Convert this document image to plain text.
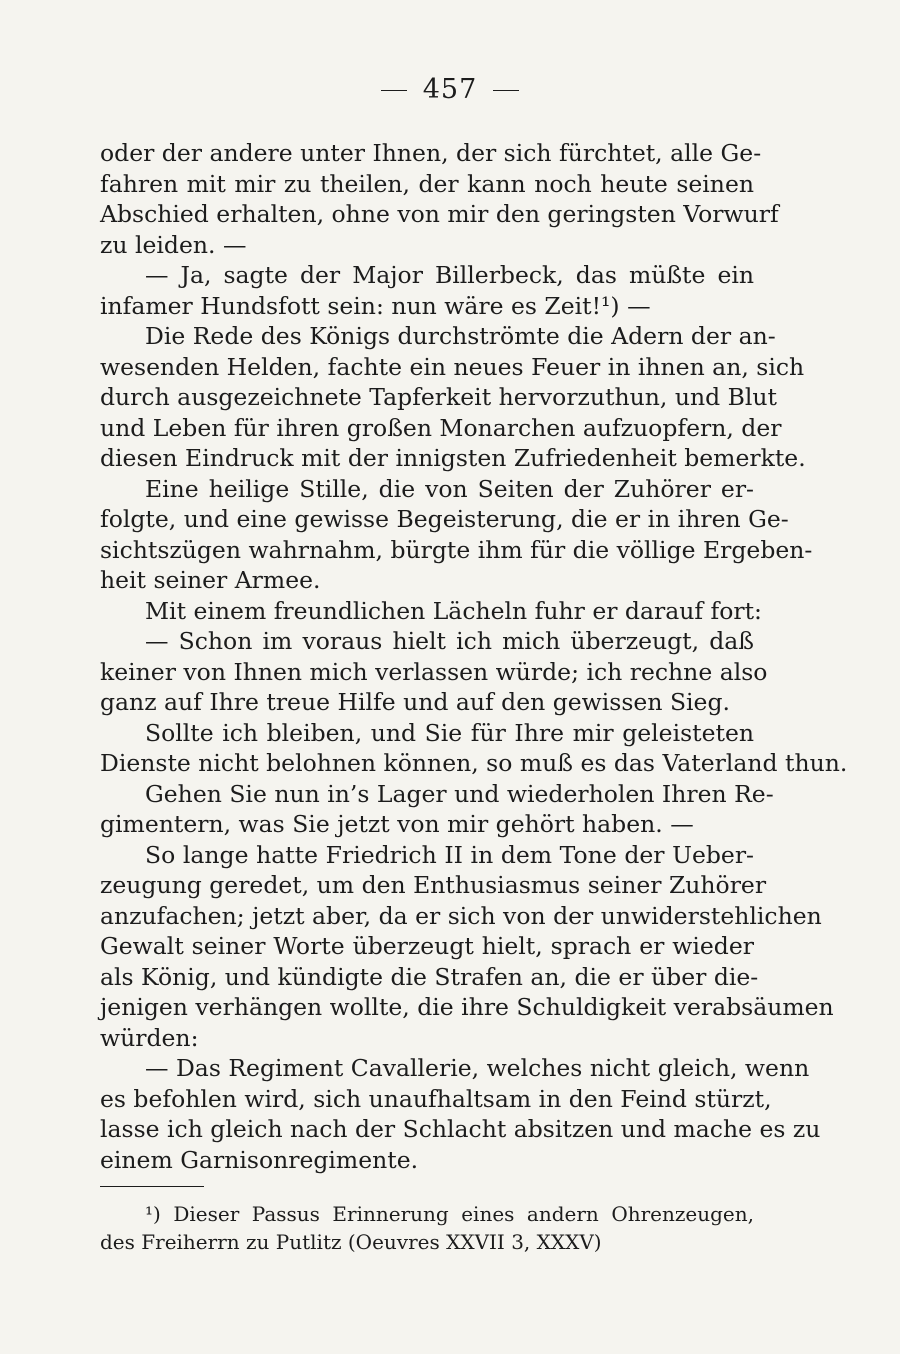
457
oder der andere unter Ihnen, der sich fürchtet, alle Ge-
fahren mit mir zu theilen, der kann noch heute seinen
Abschied erhalten, ohne von mir den geringsten Vorwurf
zu leiden. —
— Ja, sagte der Major Billerbeck, das müßte ein
infamer Hundsfott sein: nun wäre es Zeit!¹) —
Die Rede des Königs durchströmte die Adern der an-
wesenden Helden, fachte ein neues Feuer in ihnen an, sich
durch ausgezeichnete Tapferkeit hervorzuthun, und Blut
und Leben für ihren großen Monarchen aufzuopfern, der
diesen Eindruck mit der innigsten Zufriedenheit bemerkte.
Eine heilige Stille, die von Seiten der Zuhörer er-
folgte, und eine gewisse Begeisterung, die er in ihren Ge-
sichtszügen wahrnahm, bürgte ihm für die völlige Ergeben-
heit seiner Armee.
Mit einem freundlichen Lächeln fuhr er darauf fort:
— Schon im voraus hielt ich mich überzeugt, daß
keiner von Ihnen mich verlassen würde; ich rechne also
ganz auf Ihre treue Hilfe und auf den gewissen Sieg.
Sollte ich bleiben, und Sie für Ihre mir geleisteten
Dienste nicht belohnen können, so muß es das Vaterland thun.
Gehen Sie nun in’s Lager und wiederholen Ihren Re-
gimentern, was Sie jetzt von mir gehört haben. —
So lange hatte Friedrich II in dem Tone der Ueber-
zeugung geredet, um den Enthusiasmus seiner Zuhörer
anzufachen; jetzt aber, da er sich von der unwiderstehlichen
Gewalt seiner Worte überzeugt hielt, sprach er wieder
als König, und kündigte die Strafen an, die er über die-
jenigen verhängen wollte, die ihre Schuldigkeit verabsäumen
würden:
— Das Regiment Cavallerie, welches nicht gleich, wenn
es befohlen wird, sich unaufhaltsam in den Feind stürzt,
lasse ich gleich nach der Schlacht absitzen und mache es zu
einem Garnisonregimente.
¹) Dieser Passus Erinnerung eines andern Ohrenzeugen,
des Freiherrn zu Putlitz (Oeuvres XXVII 3, XXXV)
